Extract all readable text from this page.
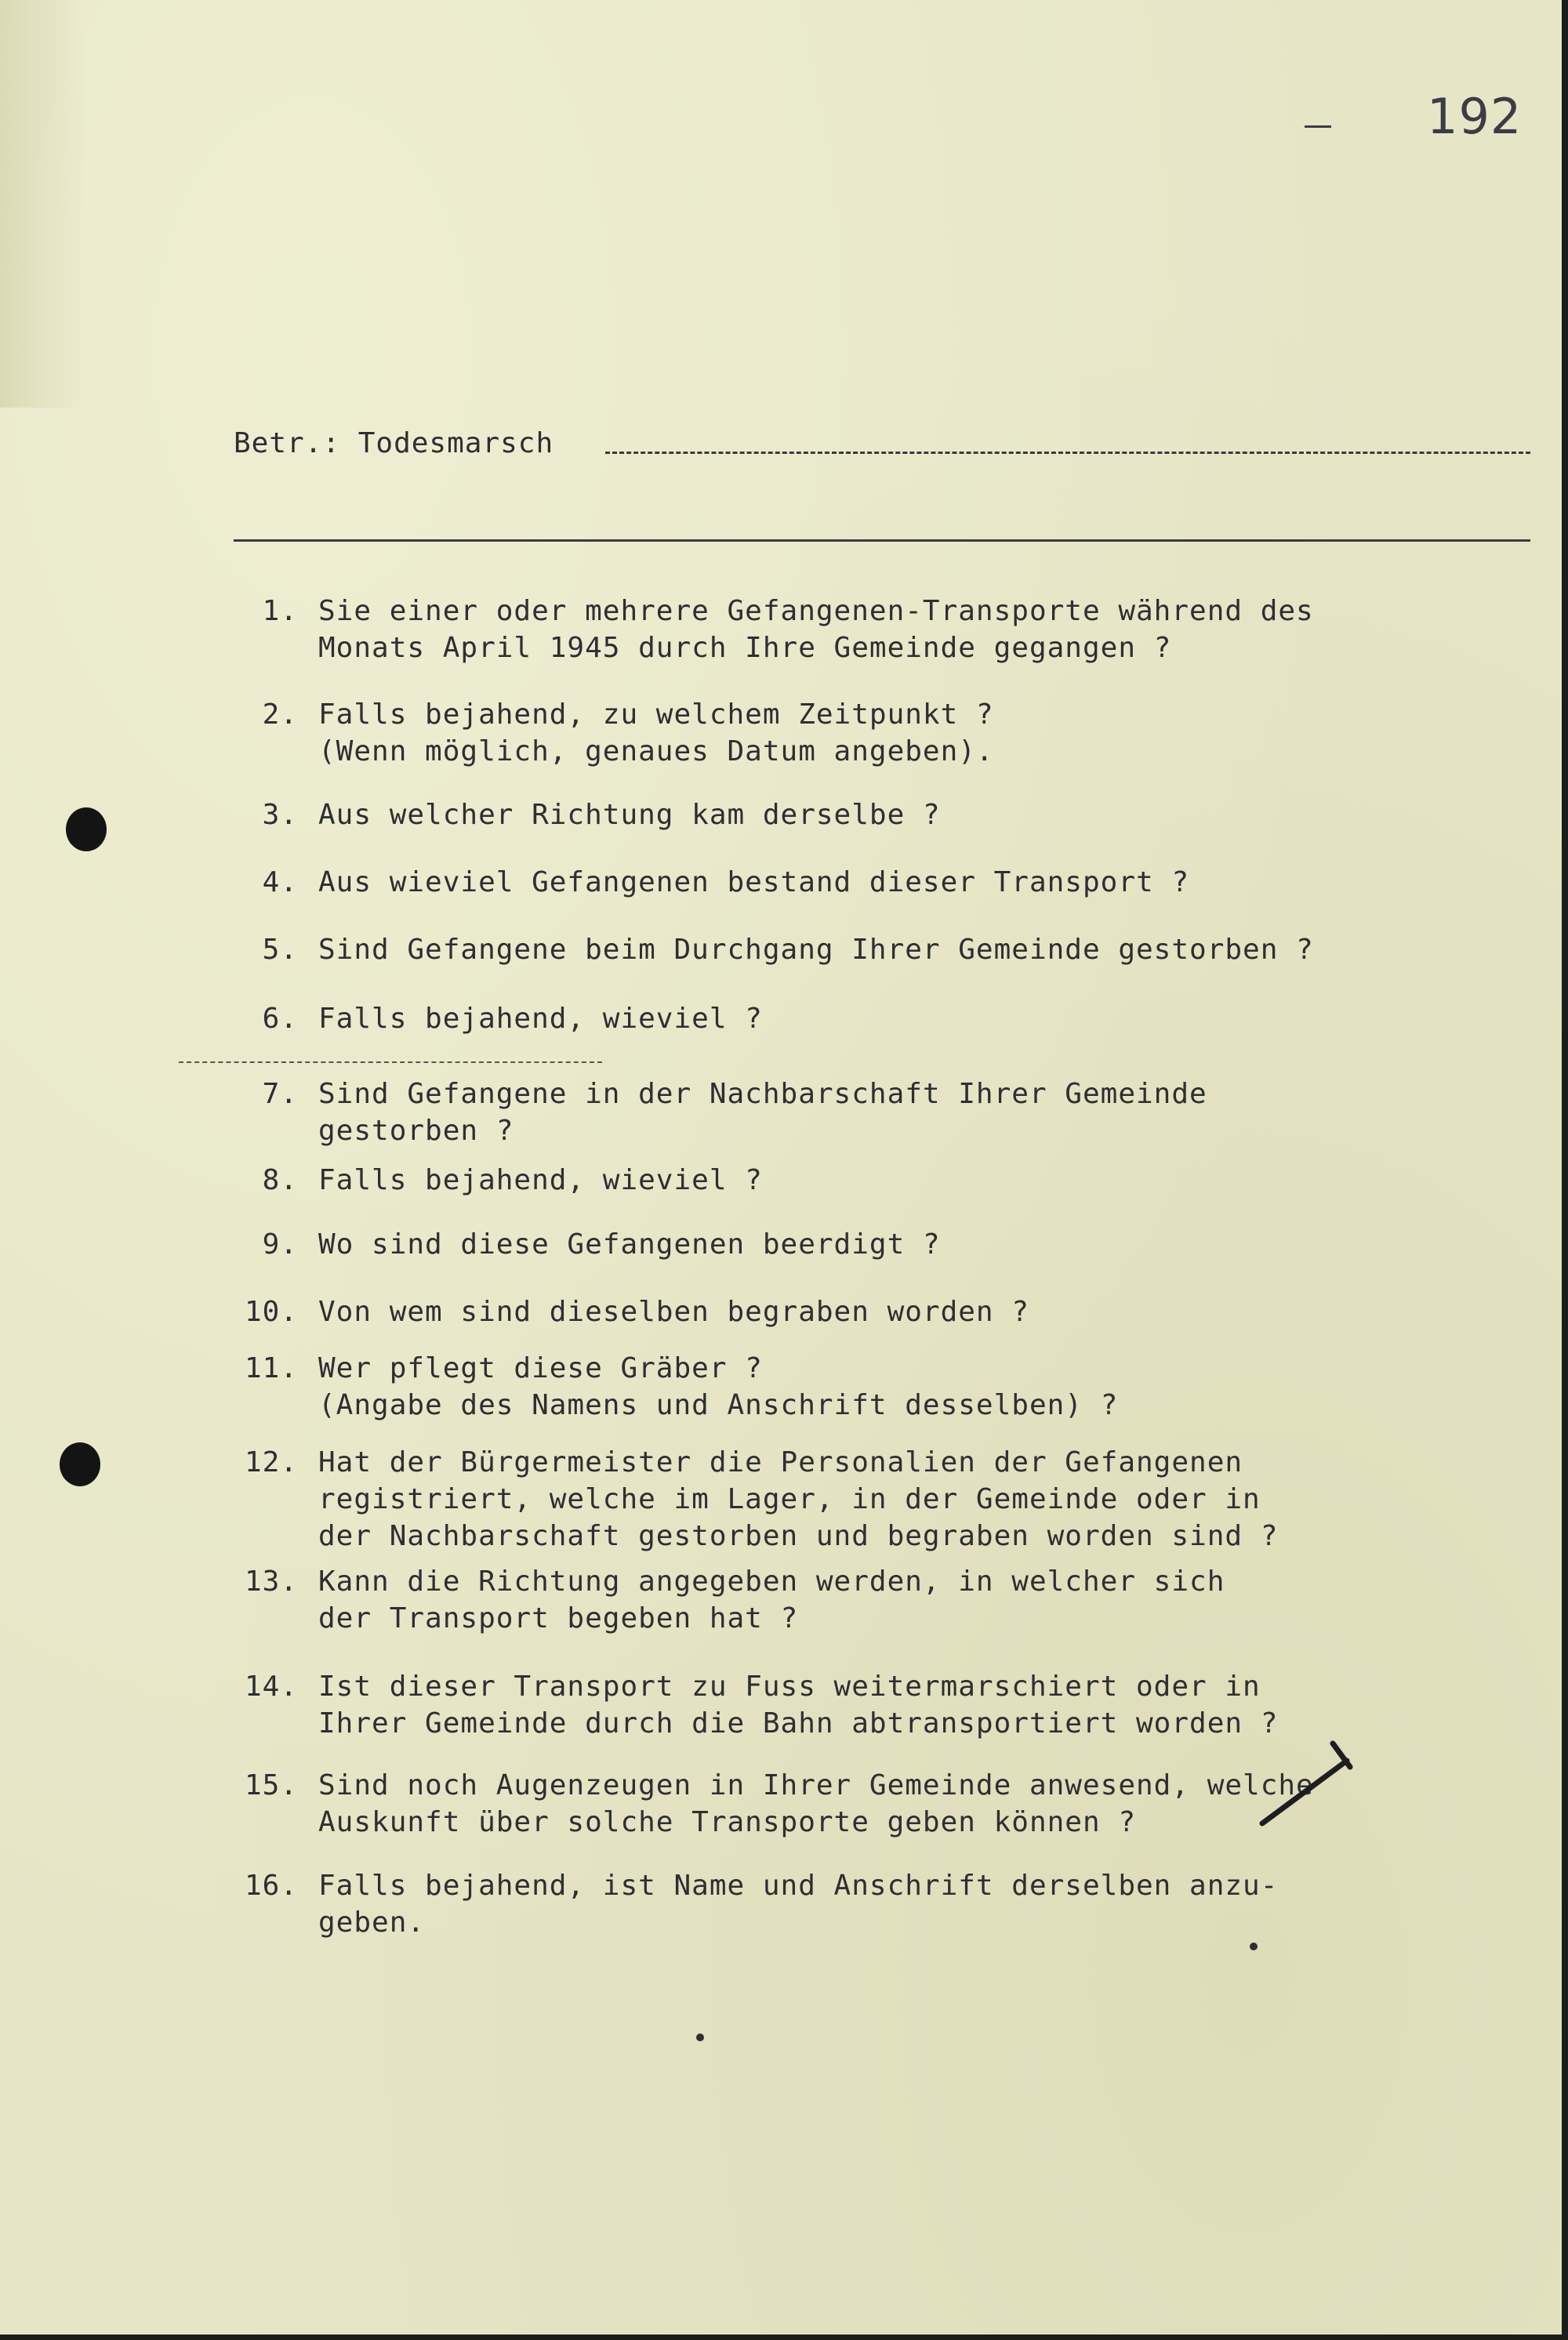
192
Betr.: Todesmarsch

1.

Sie einer oder mehrere Gefangenen-Transporte während des
Monats April 1945 durch Ihre Gemeinde gegangen ?

2.

Falls bejahend, zu welchem Zeitpunkt ?
(Wenn möglich, genaues Datum angeben).

3.

Aus welcher Richtung kam derselbe ?

4.

Aus wieviel Gefangenen bestand dieser Transport ?

5.

Sind Gefangene beim Durchgang Ihrer Gemeinde gestorben ?

6.

Falls bejahend, wieviel ?

7.

Sind Gefangene in der Nachbarschaft Ihrer Gemeinde
gestorben ?

8.

Falls bejahend, wieviel ?

9.

Wo sind diese Gefangenen beerdigt ?

10.

Von wem sind dieselben begraben worden ?

11.

Wer pflegt diese Gräber ?
(Angabe des Namens und Anschrift desselben) ?

12.

Hat der Bürgermeister die Personalien der Gefangenen
registriert, welche im Lager, in der Gemeinde oder in
der Nachbarschaft gestorben und begraben worden sind ?

13.

Kann die Richtung angegeben werden, in welcher sich
der Transport begeben hat ?

14.

Ist dieser Transport zu Fuss weitermarschiert oder in
Ihrer Gemeinde durch die Bahn abtransportiert worden ?

15.

Sind noch Augenzeugen in Ihrer Gemeinde anwesend, welche
Auskunft über solche Transporte geben können ?

16.

Falls bejahend, ist Name und Anschrift derselben anzu-
geben.
